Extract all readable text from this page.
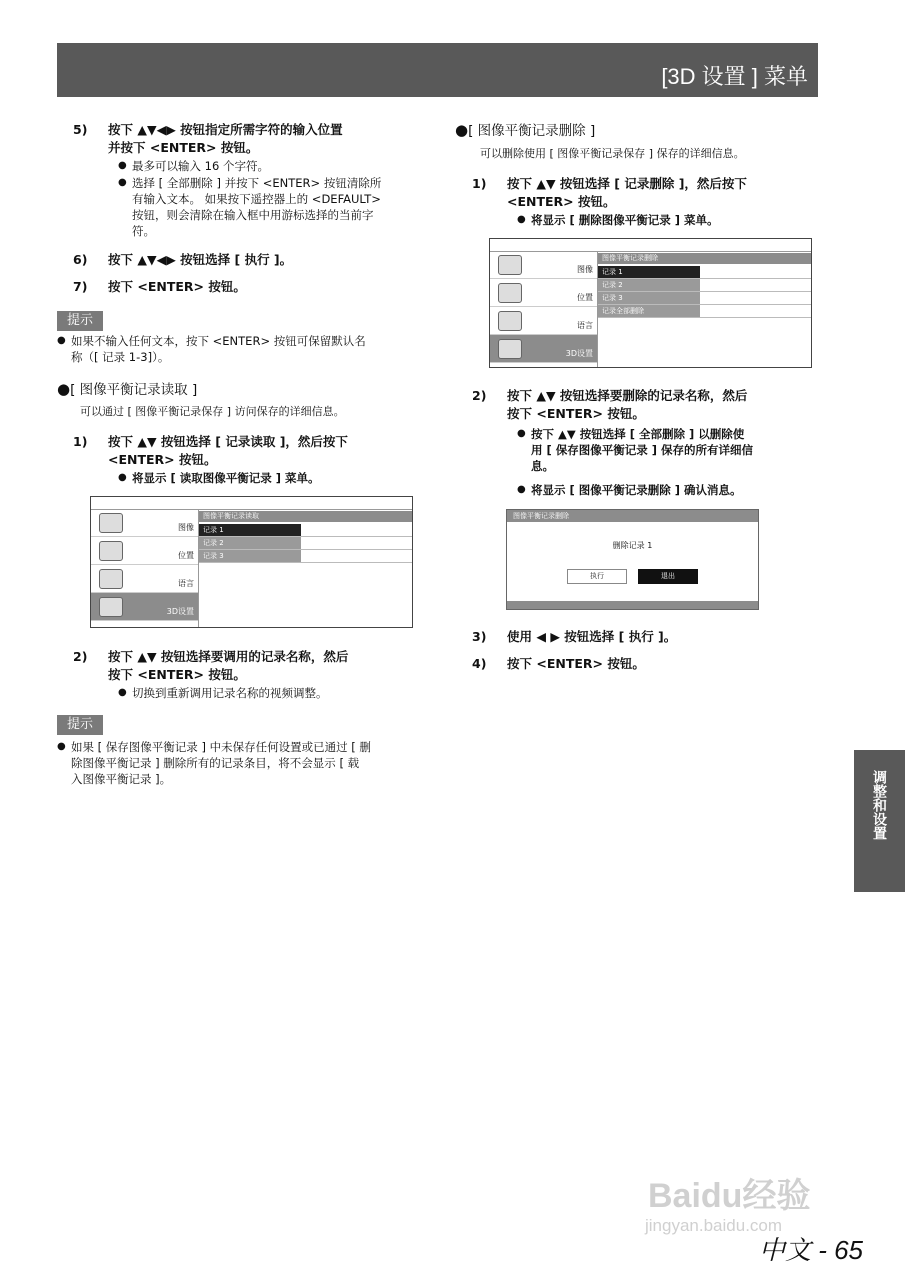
[3D 设置 ] 菜单
5)	按下 ▲▼◀▶ 按钮指定所需字符的输入位置
并按下 <ENTER> 按钮。
● 最多可以输入 16 个字符。
● 选择 [ 全部删除 ] 并按下 <ENTER> 按钮清除所
有输入文本。 如果按下遥控器上的 <DEFAULT>
按钮，则会清除在输入框中用游标选择的当前字
符。
6)	按下 ▲▼◀▶ 按钮选择 [ 执行 ]。
7)	按下 <ENTER> 按钮。
提示
● 如果不输入任何文本，按下 <ENTER> 按钮可保留默认名
称（[ 记录 1-3]）。
●[ 图像平衡记录读取 ]
可以通过 [ 图像平衡记录保存 ] 访问保存的详细信息。
1)	按下 ▲▼ 按钮选择 [ 记录读取 ]，然后按下
<ENTER> 按钮。
● 将显示 [ 读取图像平衡记录 ] 菜单。
图像
位置
语言
3D设置
图像平衡记录读取
记录 1
记录 2
记录 3
2)	按下 ▲▼ 按钮选择要调用的记录名称，然后
按下 <ENTER> 按钮。
● 切换到重新调用记录名称的视频调整。
提示
● 如果 [ 保存图像平衡记录 ] 中未保存任何设置或已通过 [ 删
除图像平衡记录 ] 删除所有的记录条目，将不会显示 [ 载
入图像平衡记录 ]。
●[ 图像平衡记录删除 ]
可以删除使用 [ 图像平衡记录保存 ] 保存的详细信息。
1)	按下 ▲▼ 按钮选择 [ 记录删除 ]，然后按下
<ENTER> 按钮。
● 将显示 [ 删除图像平衡记录 ] 菜单。
图像
位置
语言
3D设置
图像平衡记录删除
记录 1
记录 2
记录 3
记录全部删除
2)	按下 ▲▼ 按钮选择要删除的记录名称，然后
按下 <ENTER> 按钮。
● 按下 ▲▼ 按钮选择 [ 全部删除 ] 以删除使
用 [ 保存图像平衡记录 ] 保存的所有详细信
息。
● 将显示 [ 图像平衡记录删除 ] 确认消息。
图像平衡记录删除
删除记录 1
执行	退出
3)	使用 ◀ ▶ 按钮选择 [ 执行 ]。
4)	按下 <ENTER> 按钮。
调整和设置
Baidu经验
jingyan.baidu.com
中文 - 65
